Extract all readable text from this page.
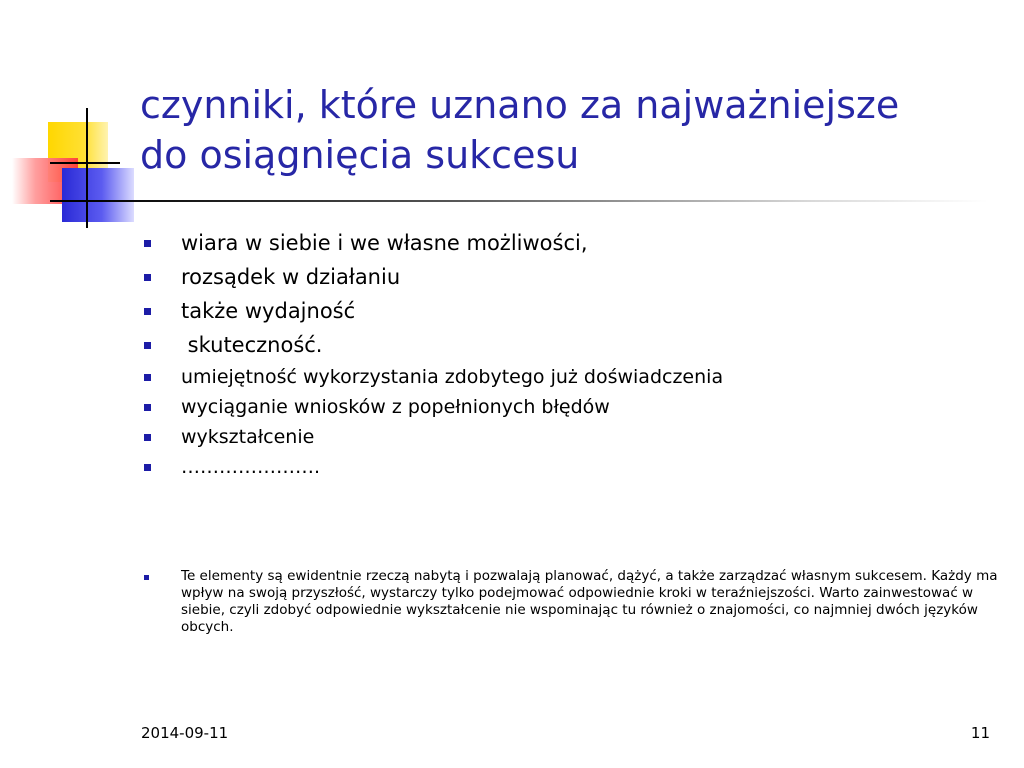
czynniki, które uznano za najważniejsze
do osiągnięcia sukcesu
wiara w siebie i we własne możliwości,
rozsądek w działaniu
także wydajność
skuteczność.
umiejętność wykorzystania zdobytego już doświadczenia
wyciąganie wniosków z popełnionych błędów
wykształcenie
………………….
Te elementy są ewidentnie rzeczą nabytą i pozwalają planować, dążyć, a także zarządzać własnym sukcesem. Każdy ma wpływ na swoją przyszłość, wystarczy tylko podejmować odpowiednie kroki w teraźniejszości. Warto zainwestować w siebie, czyli zdobyć odpowiednie wykształcenie nie wspominając tu również o znajomości, co najmniej dwóch języków obcych.
2014-09-11	11
